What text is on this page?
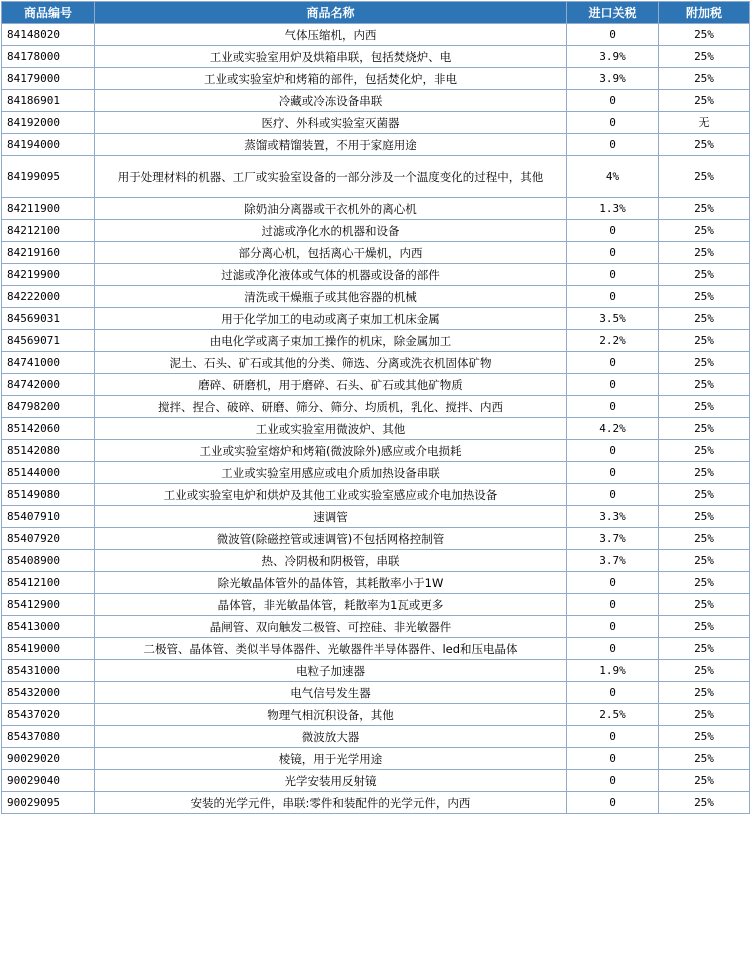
商品编号	商品名称	进口关税	附加税
84148020	气体压缩机，内西	0	25%
84178000	工业或实验室用炉及烘箱串联，包括焚烧炉、电	3.9%	25%
84179000	工业或实验室炉和烤箱的部件，包括焚化炉，非电	3.9%	25%
84186901	冷藏或冷冻设备串联	0	25%
84192000	医疗、外科或实验室灭菌器	0	无
84194000	蒸馏或精馏装置，不用于家庭用途	0	25%
84199095	用于处理材料的机器、工厂或实验室设备的一部分涉及一个温度变化的过程中，其他	4%	25%
84211900	除奶油分离器或干衣机外的离心机	1.3%	25%
84212100	过滤或净化水的机器和设备	0	25%
84219160	部分离心机，包括离心干燥机，内西	0	25%
84219900	过滤或净化液体或气体的机器或设备的部件	0	25%
84222000	清洗或干燥瓶子或其他容器的机械	0	25%
84569031	用于化学加工的电动或离子束加工机床金属	3.5%	25%
84569071	由电化学或离子束加工操作的机床，除金属加工	2.2%	25%
84741000	泥土、石头、矿石或其他的分类、筛选、分离或洗衣机固体矿物	0	25%
84742000	磨碎、研磨机，用于磨碎、石头、矿石或其他矿物质	0	25%
84798200	搅拌、捏合、破碎、研磨、筛分、筛分、均质机，乳化、搅拌、内西	0	25%
85142060	工业或实验室用微波炉、其他	4.2%	25%
85142080	工业或实验室熔炉和烤箱(微波除外)感应或介电损耗	0	25%
85144000	工业或实验室用感应或电介质加热设备串联	0	25%
85149080	工业或实验室电炉和烘炉及其他工业或实验室感应或介电加热设备	0	25%
85407910	速调管	3.3%	25%
85407920	微波管(除磁控管或速调管)不包括网格控制管	3.7%	25%
85408900	热、冷阴极和阴极管，串联	3.7%	25%
85412100	除光敏晶体管外的晶体管，其耗散率小于1W	0	25%
85412900	晶体管，非光敏晶体管，耗散率为1瓦或更多	0	25%
85413000	晶闸管、双向触发二极管、可控硅、非光敏器件	0	25%
85419000	二极管、晶体管、类似半导体器件、光敏器件半导体器件、led和压电晶体	0	25%
85431000	电粒子加速器	1.9%	25%
85432000	电气信号发生器	0	25%
85437020	物理气相沉积设备，其他	2.5%	25%
85437080	微波放大器	0	25%
90029020	棱镜，用于光学用途	0	25%
90029040	光学安装用反射镜	0	25%
90029095	安装的光学元件，串联:零件和装配件的光学元件，内西	0	25%
